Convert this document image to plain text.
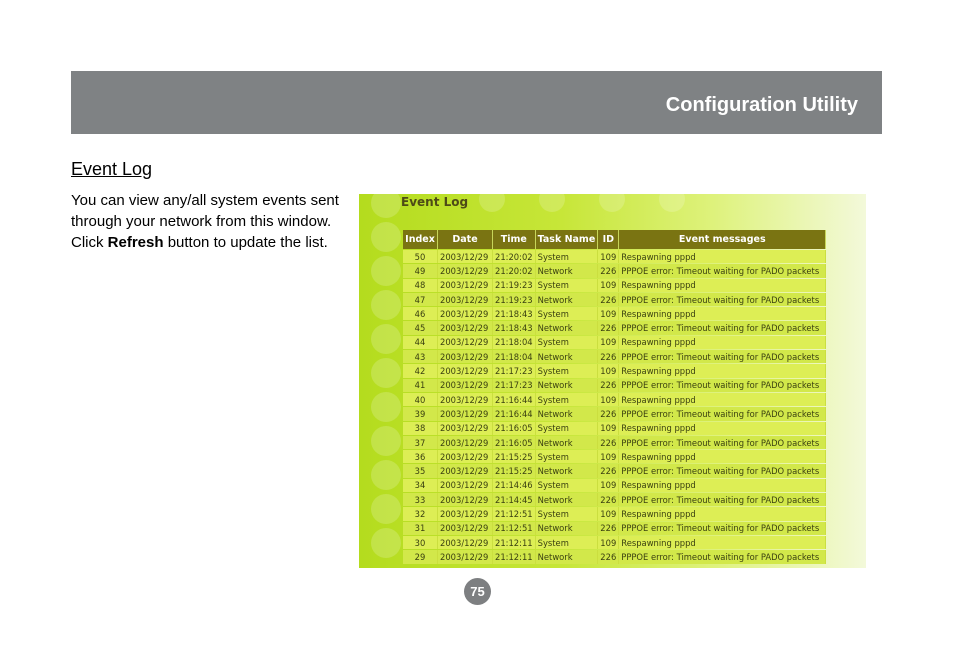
Configuration Utility
Event Log
You can view any/all system events sent through your network from this window. Click Refresh button to update the list.
Event Log
Index	Date	Time	Task Name	ID	Event messages
50	2003/12/29	21:20:02	System	109	Respawning pppd
49	2003/12/29	21:20:02	Network	226	PPPOE error: Timeout waiting for PADO packets
48	2003/12/29	21:19:23	System	109	Respawning pppd
47	2003/12/29	21:19:23	Network	226	PPPOE error: Timeout waiting for PADO packets
46	2003/12/29	21:18:43	System	109	Respawning pppd
45	2003/12/29	21:18:43	Network	226	PPPOE error: Timeout waiting for PADO packets
44	2003/12/29	21:18:04	System	109	Respawning pppd
43	2003/12/29	21:18:04	Network	226	PPPOE error: Timeout waiting for PADO packets
42	2003/12/29	21:17:23	System	109	Respawning pppd
41	2003/12/29	21:17:23	Network	226	PPPOE error: Timeout waiting for PADO packets
40	2003/12/29	21:16:44	System	109	Respawning pppd
39	2003/12/29	21:16:44	Network	226	PPPOE error: Timeout waiting for PADO packets
38	2003/12/29	21:16:05	System	109	Respawning pppd
37	2003/12/29	21:16:05	Network	226	PPPOE error: Timeout waiting for PADO packets
36	2003/12/29	21:15:25	System	109	Respawning pppd
35	2003/12/29	21:15:25	Network	226	PPPOE error: Timeout waiting for PADO packets
34	2003/12/29	21:14:46	System	109	Respawning pppd
33	2003/12/29	21:14:45	Network	226	PPPOE error: Timeout waiting for PADO packets
32	2003/12/29	21:12:51	System	109	Respawning pppd
31	2003/12/29	21:12:51	Network	226	PPPOE error: Timeout waiting for PADO packets
30	2003/12/29	21:12:11	System	109	Respawning pppd
29	2003/12/29	21:12:11	Network	226	PPPOE error: Timeout waiting for PADO packets
75
